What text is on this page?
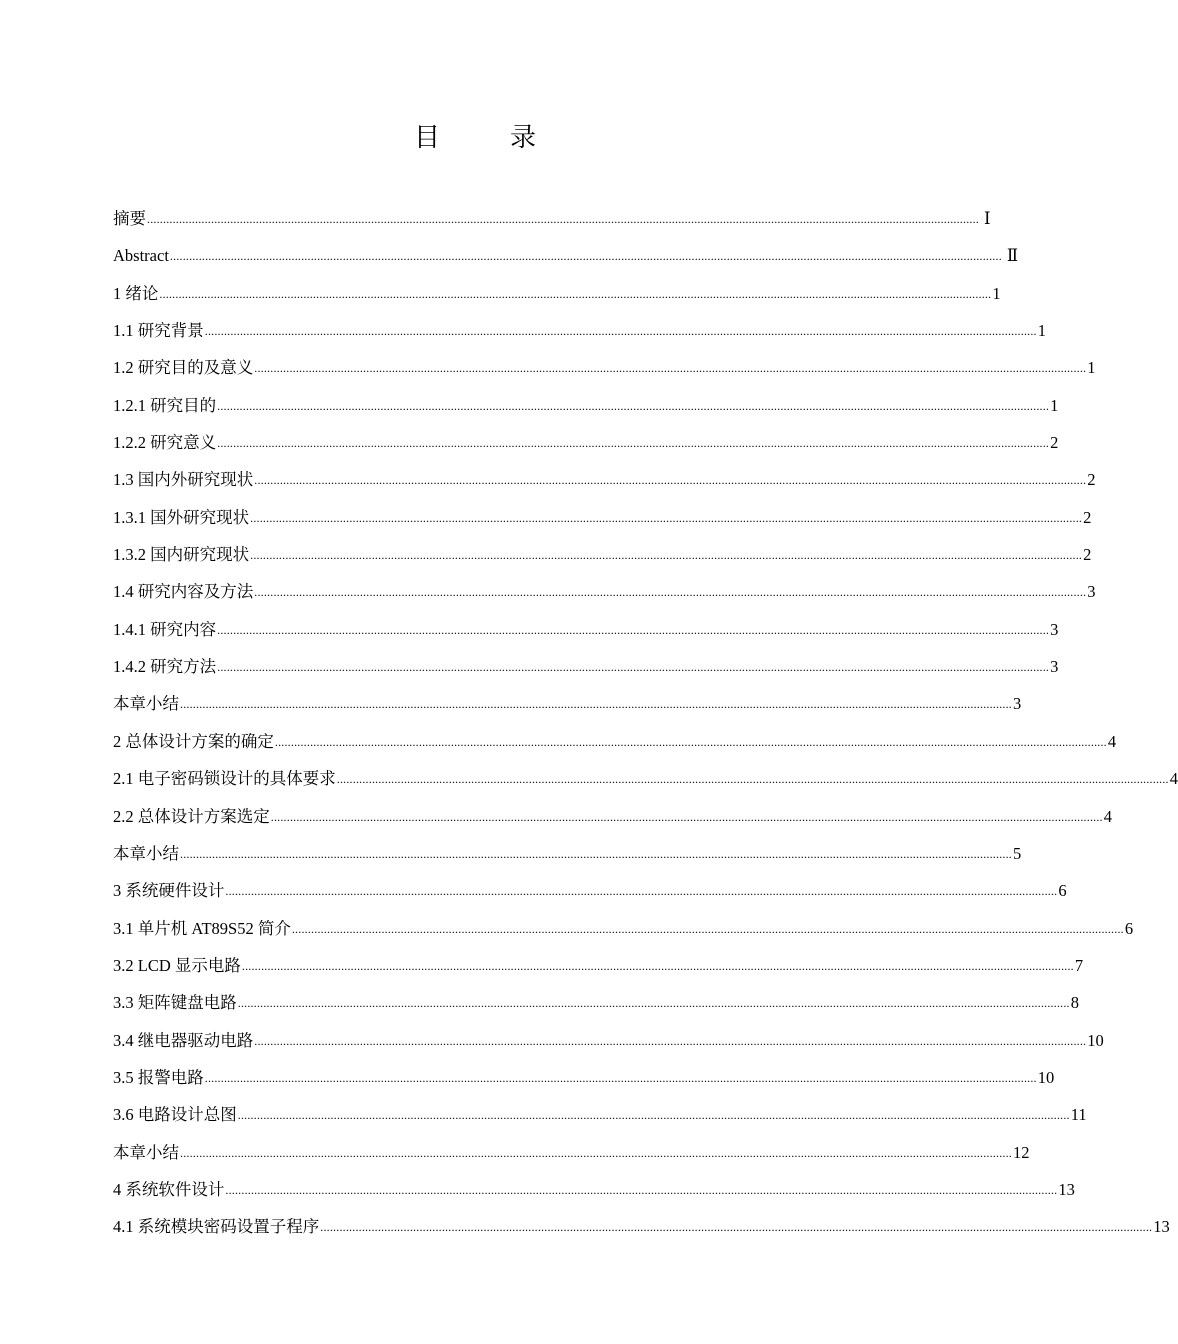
目　录
摘要 .................................................................................................................................................................................................................................................................... Ⅰ
Abstract .................................................................................................................................................................................................................................................................... Ⅱ
1 绪论 .................................................................................................................................................................................................................................................................... 1
1.1 研究背景 .................................................................................................................................................................................................................................................................... 1
1.2 研究目的及意义 .................................................................................................................................................................................................................................................................... 1
1.2.1 研究目的 .................................................................................................................................................................................................................................................................... 1
1.2.2 研究意义 .................................................................................................................................................................................................................................................................... 2
1.3 国内外研究现状 .................................................................................................................................................................................................................................................................... 2
1.3.1 国外研究现状 .................................................................................................................................................................................................................................................................... 2
1.3.2 国内研究现状 .................................................................................................................................................................................................................................................................... 2
1.4 研究内容及方法 .................................................................................................................................................................................................................................................................... 3
1.4.1 研究内容 .................................................................................................................................................................................................................................................................... 3
1.4.2 研究方法 .................................................................................................................................................................................................................................................................... 3
本章小结 .................................................................................................................................................................................................................................................................... 3
2 总体设计方案的确定 .................................................................................................................................................................................................................................................................... 4
2.1 电子密码锁设计的具体要求 .................................................................................................................................................................................................................................................................... 4
2.2 总体设计方案选定 .................................................................................................................................................................................................................................................................... 4
本章小结 .................................................................................................................................................................................................................................................................... 5
3 系统硬件设计 .................................................................................................................................................................................................................................................................... 6
3.1 单片机 AT89S52 简介 .................................................................................................................................................................................................................................................................... 6
3.2 LCD 显示电路 .................................................................................................................................................................................................................................................................... 7
3.3 矩阵键盘电路 .................................................................................................................................................................................................................................................................... 8
3.4 继电器驱动电路 .................................................................................................................................................................................................................................................................... 10
3.5 报警电路 .................................................................................................................................................................................................................................................................... 10
3.6 电路设计总图 .................................................................................................................................................................................................................................................................... 11
本章小结 .................................................................................................................................................................................................................................................................... 12
4 系统软件设计 .................................................................................................................................................................................................................................................................... 13
4.1 系统模块密码设置子程序 .................................................................................................................................................................................................................................................................... 13
